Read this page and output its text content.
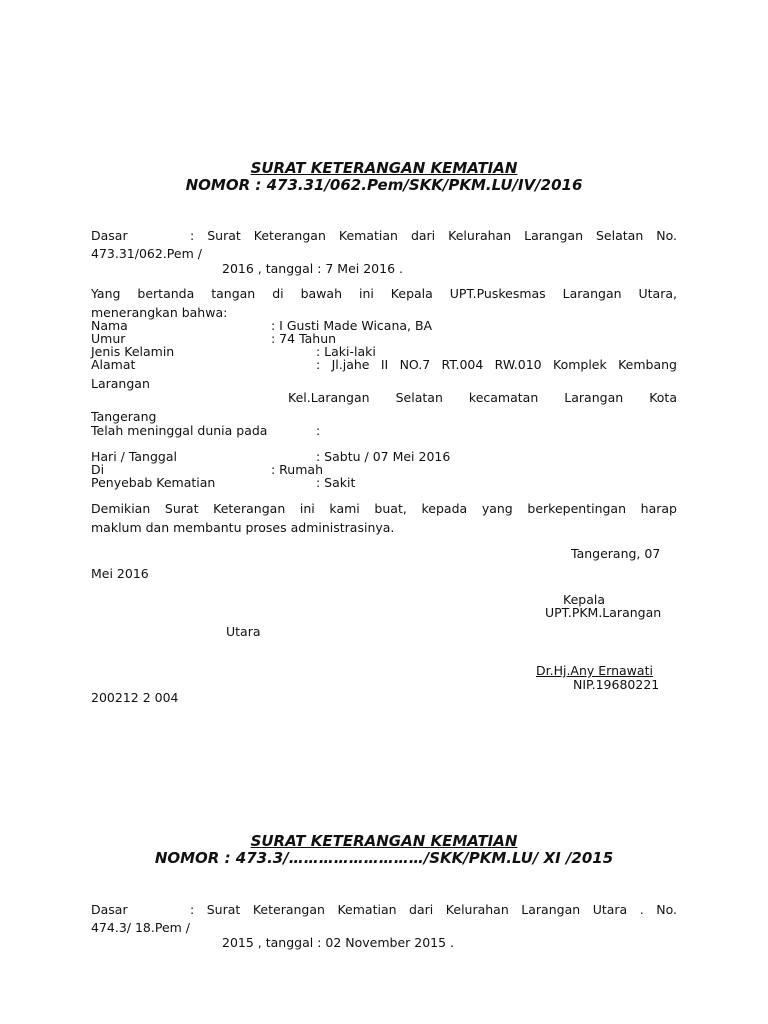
SURAT KETERANGAN KEMATIAN
NOMOR : 473.31/062.Pem/SKK/PKM.LU/IV/2016
Dasar	: Surat Keterangan Kematian dari Kelurahan Larangan Selatan No.
473.31/062.Pem /
2016 , tanggal : 7 Mei 2016 .
Yang bertanda tangan di bawah ini Kepala UPT.Puskesmas Larangan Utara,
menerangkan bahwa:
Nama	: I Gusti Made Wicana, BA
Umur	: 74 Tahun
Jenis Kelamin	: Laki-laki
Alamat	: Jl.jahe II NO.7 RT.004 RW.010 Komplek Kembang
Larangan
Kel.Larangan Selatan kecamatan Larangan Kota
Tangerang
Telah meninggal dunia pada	:
Hari / Tanggal	: Sabtu / 07 Mei 2016
Di	: Rumah
Penyebab Kematian	: Sakit
Demikian Surat Keterangan ini kami buat, kepada yang berkepentingan harap
maklum dan membantu proses administrasinya.
Tangerang, 07
Mei 2016
Kepala
UPT.PKM.Larangan
Utara
Dr.Hj.Any Ernawati
NIP.19680221
200212 2 004
SURAT KETERANGAN KEMATIAN
NOMOR : 473.3/………………………/SKK/PKM.LU/ XI /2015
Dasar	: Surat Keterangan Kematian dari Kelurahan Larangan Utara . No.
474.3/ 18.Pem /
2015 , tanggal : 02 November 2015 .
